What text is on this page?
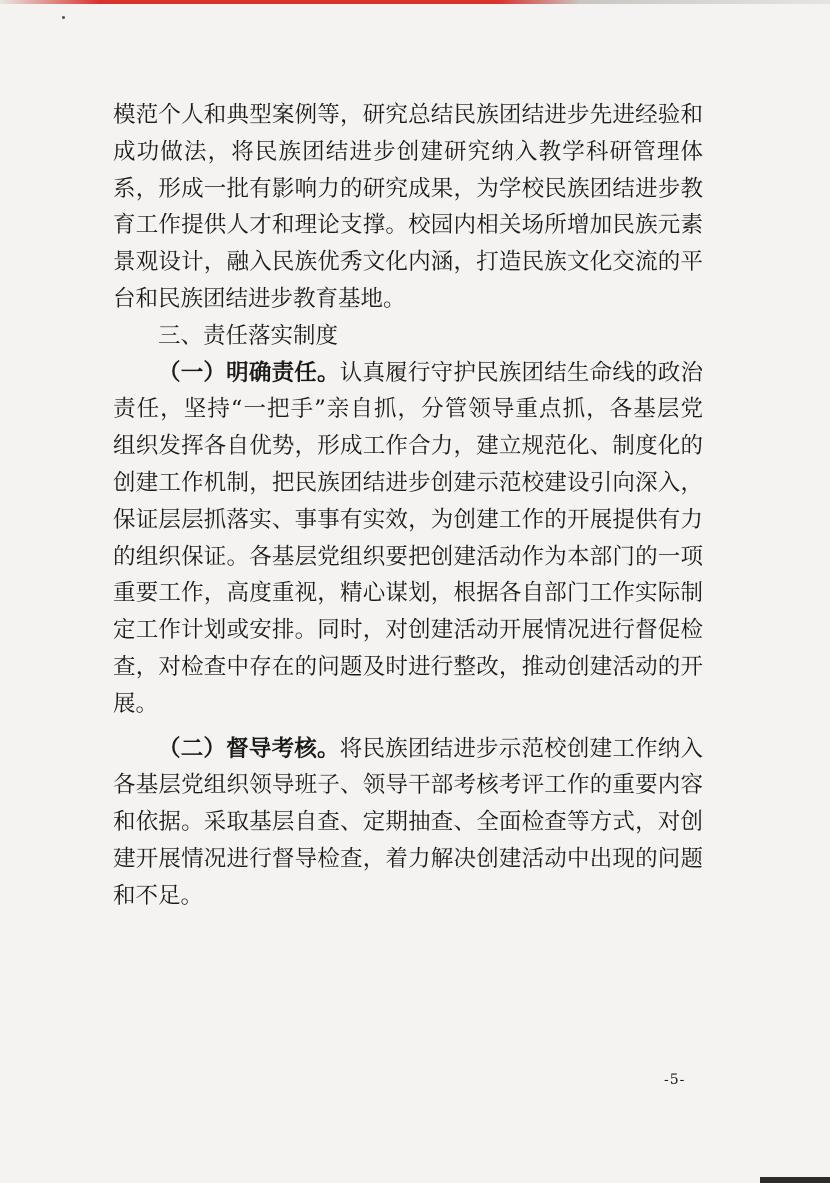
模范个人和典型案例等，研究总结民族团结进步先进经验和

成功做法，将民族团结进步创建研究纳入教学科研管理体

系，形成一批有影响力的研究成果，为学校民族团结进步教

育工作提供人才和理论支撑。校园内相关场所增加民族元素

景观设计，融入民族优秀文化内涵，打造民族文化交流的平

台和民族团结进步教育基地。

三、责任落实制度

（一）明确责任。认真履行守护民族团结生命线的政治

责任，坚持“一把手”亲自抓，分管领导重点抓，各基层党

组织发挥各自优势，形成工作合力，建立规范化、制度化的

创建工作机制，把民族团结进步创建示范校建设引向深入，

保证层层抓落实、事事有实效，为创建工作的开展提供有力

的组织保证。各基层党组织要把创建活动作为本部门的一项

重要工作，高度重视，精心谋划，根据各自部门工作实际制

定工作计划或安排。同时，对创建活动开展情况进行督促检

查，对检查中存在的问题及时进行整改，推动创建活动的开

展。

（二）督导考核。将民族团结进步示范校创建工作纳入

各基层党组织领导班子、领导干部考核考评工作的重要内容

和依据。采取基层自查、定期抽查、全面检查等方式，对创

建开展情况进行督导检查，着力解决创建活动中出现的问题

和不足。

-5-
